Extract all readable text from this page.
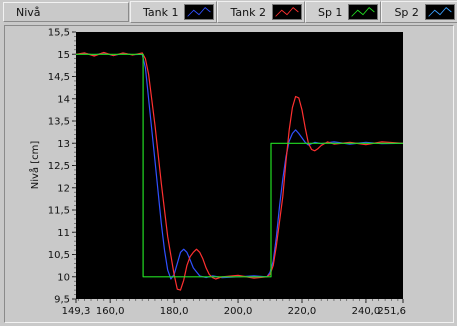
Nivå	Tank 1	Tank 2	Sp 1	Sp 2
9,5
10
10,5
11
11,5
12
12,5
13
13,5
14
14,5
15
15,5
149,3 160,0	180,0	200,0	220,0	240,0
251,6
Nivå [cm]
